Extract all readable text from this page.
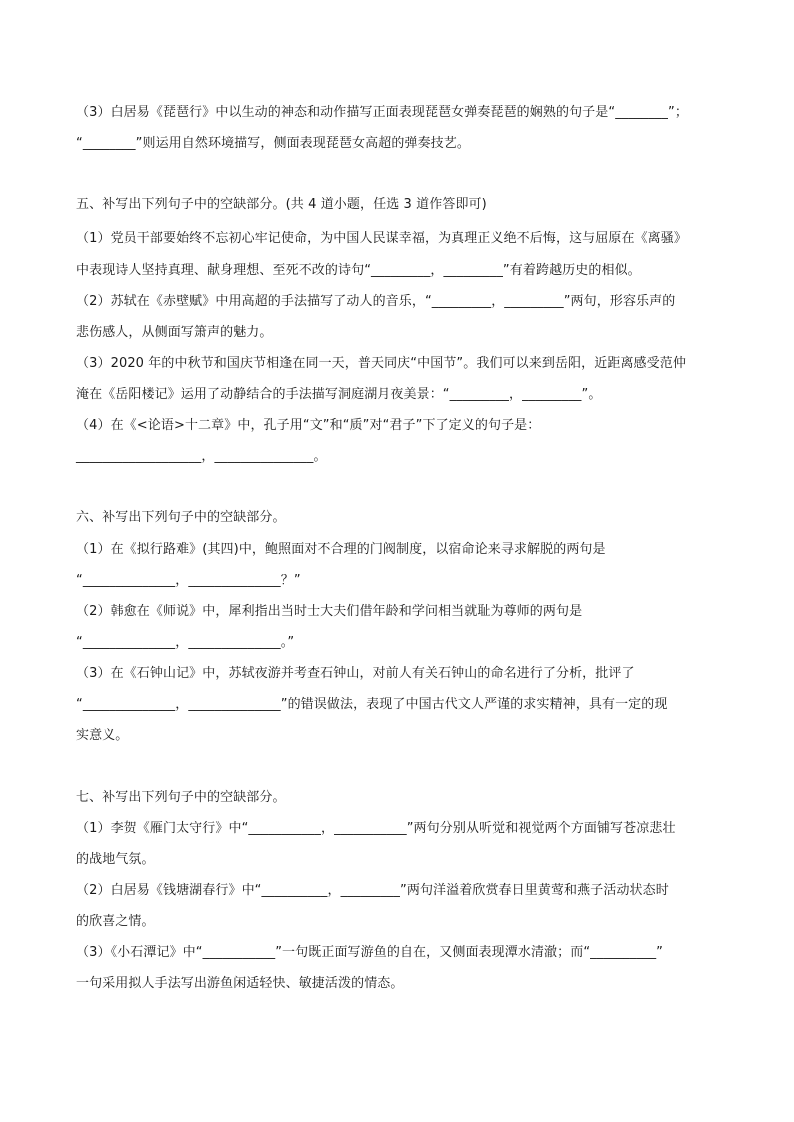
（3）白居易《琵琶行》中以生动的神态和动作描写正面表现琵琶女弹奏琵琶的娴熟的句子是“________”；
“________”则运用自然环境描写，侧面表现琵琶女高超的弹奏技艺。
五、补写出下列句子中的空缺部分。(共 4 道小题，任选 3 道作答即可)
（1）党员干部要始终不忘初心牢记使命，为中国人民谋幸福，为真理正义绝不后悔，这与屈原在《离骚》
中表现诗人坚持真理、献身理想、至死不改的诗句“_________，_________”有着跨越历史的相似。
（2）苏轼在《赤壁赋》中用高超的手法描写了动人的音乐，“_________，_________”两句，形容乐声的
悲伤感人，从侧面写箫声的魅力。
（3）2020 年的中秋节和国庆节相逢在同一天，普天同庆“中国节”。我们可以来到岳阳，近距离感受范仲
淹在《岳阳楼记》运用了动静结合的手法描写洞庭湖月夜美景：“_________，_________”。
（4）在《<论语>十二章》中，孔子用“文”和“质”对“君子”下了定义的句子是：
___________________，_______________。
六、补写出下列句子中的空缺部分。
（1）在《拟行路难》(其四)中，鲍照面对不合理的门阀制度，以宿命论来寻求解脱的两句是
“______________，______________？”
（2）韩愈在《师说》中，犀利指出当时士大夫们借年龄和学问相当就耻为尊师的两句是
“______________，______________。”
（3）在《石钟山记》中，苏轼夜游并考查石钟山，对前人有关石钟山的命名进行了分析，批评了
“______________，______________”的错误做法，表现了中国古代文人严谨的求实精神，具有一定的现
实意义。
七、补写出下列句子中的空缺部分。
（1）李贺《雁门太守行》中“___________，___________”两句分别从听觉和视觉两个方面铺写苍凉悲壮
的战地气氛。
（2）白居易《钱塘湖春行》中“__________，_________”两句洋溢着欣赏春日里黄莺和燕子活动状态时
的欣喜之情。
（3）《小石潭记》中“___________”一句既正面写游鱼的自在，又侧面表现潭水清澈；而“__________”
一句采用拟人手法写出游鱼闲适轻快、敏捷活泼的情态。
